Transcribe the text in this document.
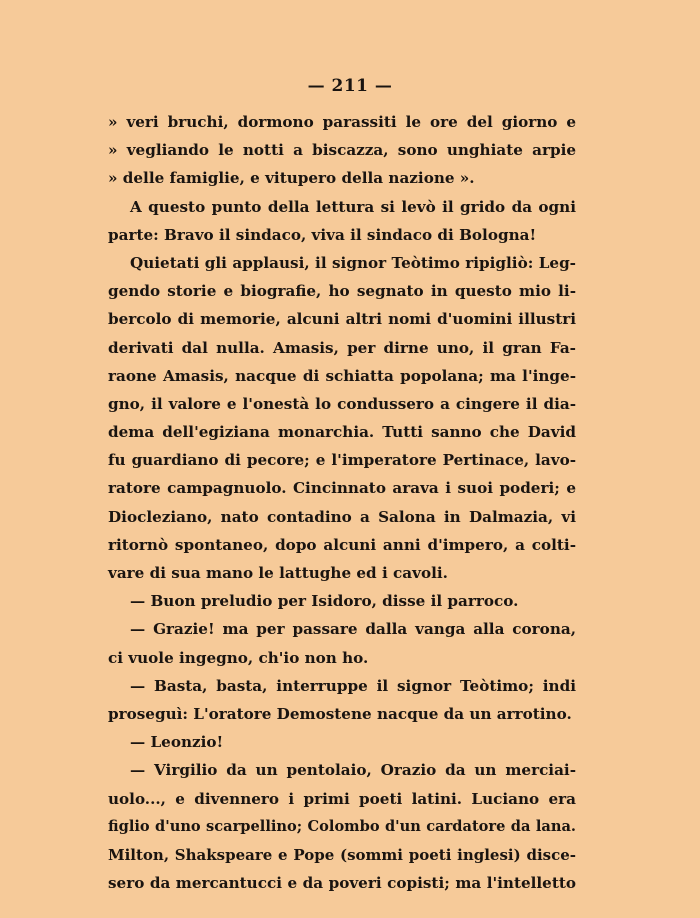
— 211 —
» veri bruchi, dormono parassiti le ore del giorno e
» vegliando le notti a biscazza, sono unghiate arpie
» delle famiglie, e vitupero della nazione ».
A questo punto della lettura si levò il grido da ogni
parte: Bravo il sindaco, viva il sindaco di Bologna!
Quietati gli applausi, il signor Teòtimo ripigliò: Leg-
gendo storie e biografie, ho segnato in questo mio li-
bercolo di memorie, alcuni altri nomi d'uomini illustri
derivati dal nulla. Amasis, per dirne uno, il gran Fa-
raone Amasis, nacque di schiatta popolana; ma l'inge-
gno, il valore e l'onestà lo condussero a cingere il dia-
dema dell'egiziana monarchia. Tutti sanno che David
fu guardiano di pecore; e l'imperatore Pertinace, lavo-
ratore campagnuolo. Cincinnato arava i suoi poderi; e
Diocleziano, nato contadino a Salona in Dalmazia, vi
ritornò spontaneo, dopo alcuni anni d'impero, a colti-
vare di sua mano le lattughe ed i cavoli.
— Buon preludio per Isidoro, disse il parroco.
— Grazie! ma per passare dalla vanga alla corona,
ci vuole ingegno, ch'io non ho.
— Basta, basta, interruppe il signor Teòtimo; indi
proseguì: L'oratore Demostene nacque da un arrotino.
— Leonzio!
— Virgilio da un pentolaio, Orazio da un merciai-
uolo..., e divennero i primi poeti latini. Luciano era
figlio d'uno scarpellino; Colombo d'un cardatore da lana.
Milton, Shakspeare e Pope (sommi poeti inglesi) disce-
sero da mercantucci e da poveri copisti; ma l'intelletto
